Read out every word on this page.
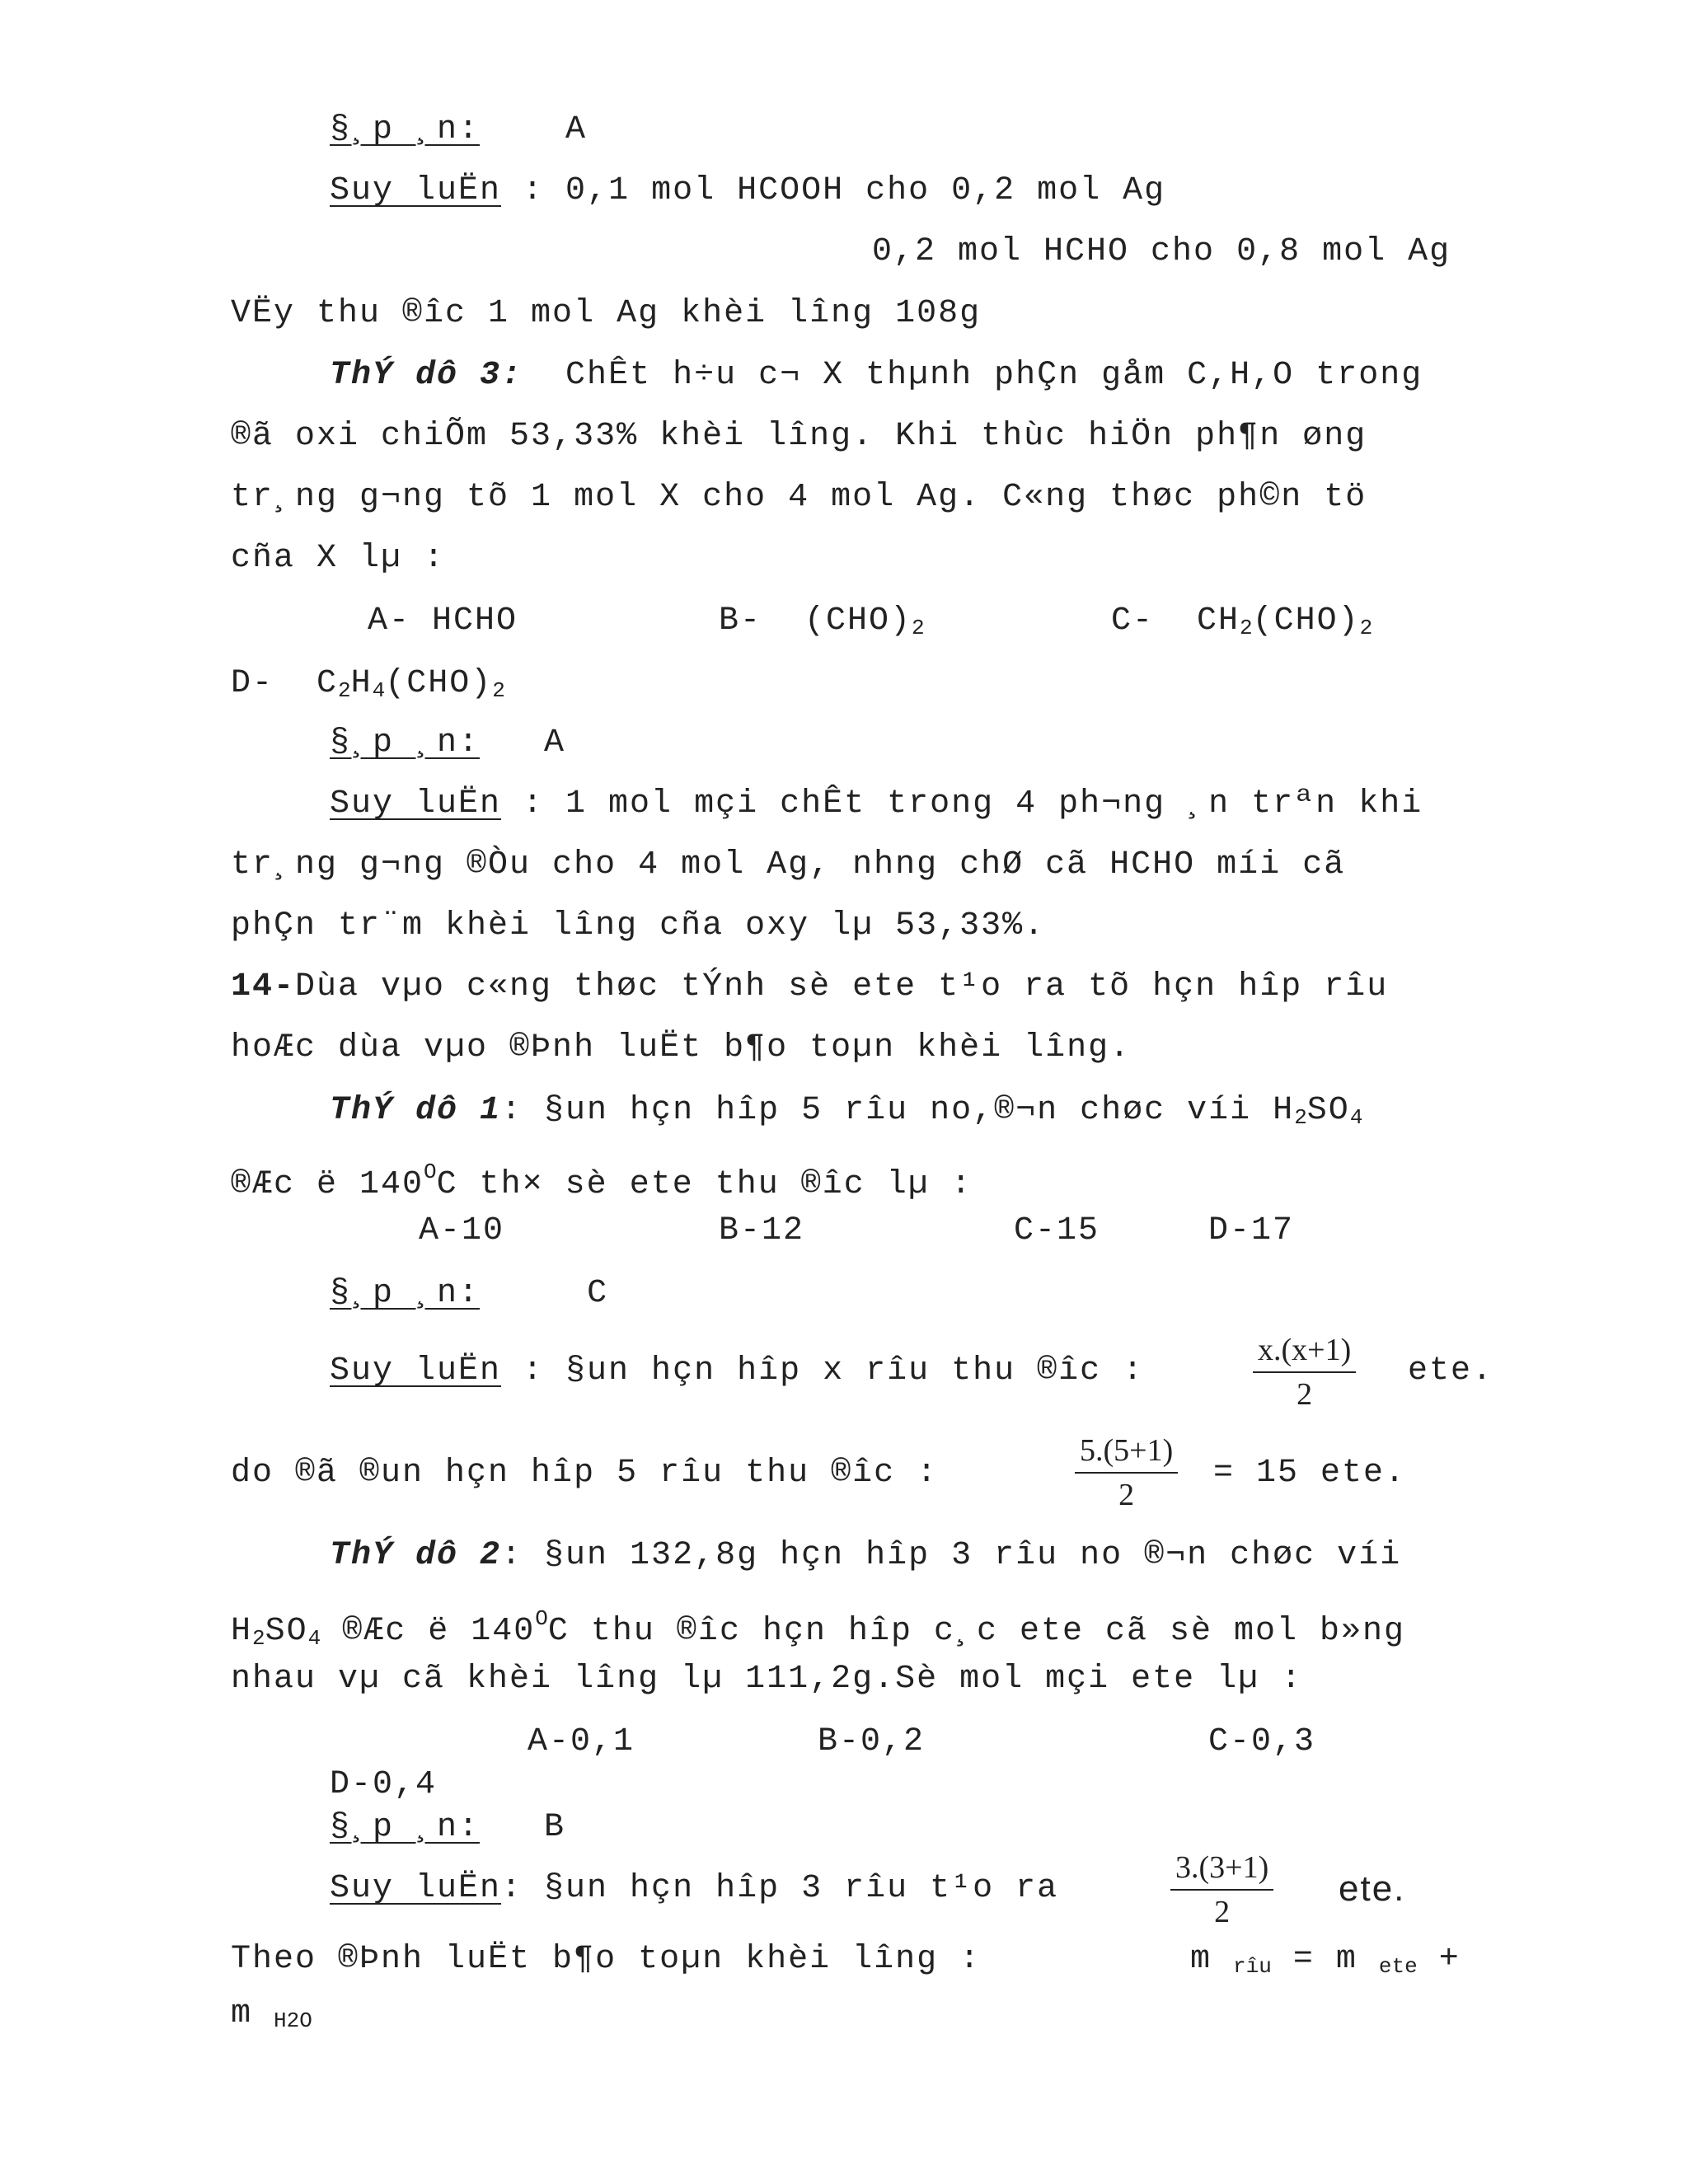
§¸p ¸n:	A
Suy luËn : 0,1 mol HCOOH cho 0,2 mol Ag
0,2 mol HCHO cho 0,8 mol Ag
VËy thu ®îc 1 mol Ag khèi lîng 108g
ThÝ dô 3:  ChÊt h÷u c¬ X thµnh phÇn gåm C,H,O trong
®ã oxi chiÕm 53,33% khèi lîng. Khi thùc hiÖn ph¶n øng
tr¸ng g¬ng tõ 1 mol X cho 4 mol Ag. C«ng thøc ph©n tö
cña X lµ :
A- HCHO	B-  $(CHO)_2$	C-  $CH_2(CHO)_2$
D-  $C_2H_4(CHO)_2$
§¸p ¸n: A
Suy luËn : 1 mol mçi chÊt trong 4 ph¬ng ¸n trªn khi
tr¸ng g¬ng ®Òu cho 4 mol Ag, nhng chØ cã HCHO míi cã
phÇn tr¨m khèi lîng cña oxy lµ 53,33%.
14-Dùa vµo c«ng thøc tÝnh sè ete t¹o ra tõ hçn hîp rîu
hoÆc dùa vµo ®Þnh luËt b¶o toµn khèi lîng.
ThÝ dô 1: §un hçn hîp 5 rîu no,®¬n chøc víi $H_2SO_4$
®Æc ë $140^OC$ th× sè ete thu ®îc lµ :
A-10	B-12	C-15	D-17
§¸p ¸n:	C
Suy luËn : §un hçn hîp x rîu thu ®îc :	$\frac{x.(x+1)}{2}$ ete.
do ®ã ®un hçn hîp 5 rîu thu ®îc :	$\frac{5.(5+1)}{2} = 15$ ete.
ThÝ dô 2: §un 132,8g hçn hîp 3 rîu no ®¬n chøc víi
$H_2SO_4$ ®Æc ë $140^OC$ thu ®îc hçn hîp c¸c ete cã sè mol b»ng
nhau vµ cã khèi lîng lµ 111,2g.Sè mol mçi ete lµ :
A-0,1	B-0,2	C-0,3
D-0,4
§¸p ¸n: B
Suy luËn: §un hçn hîp 3 rîu t¹o ra	$\frac{3.(3+1)}{2}$ ete.
Theo ®Þnh luËt b¶o toµn khèi lîng :	m $_{rîu}$ = m $_{ete}$ +
m $_{H2O}$
